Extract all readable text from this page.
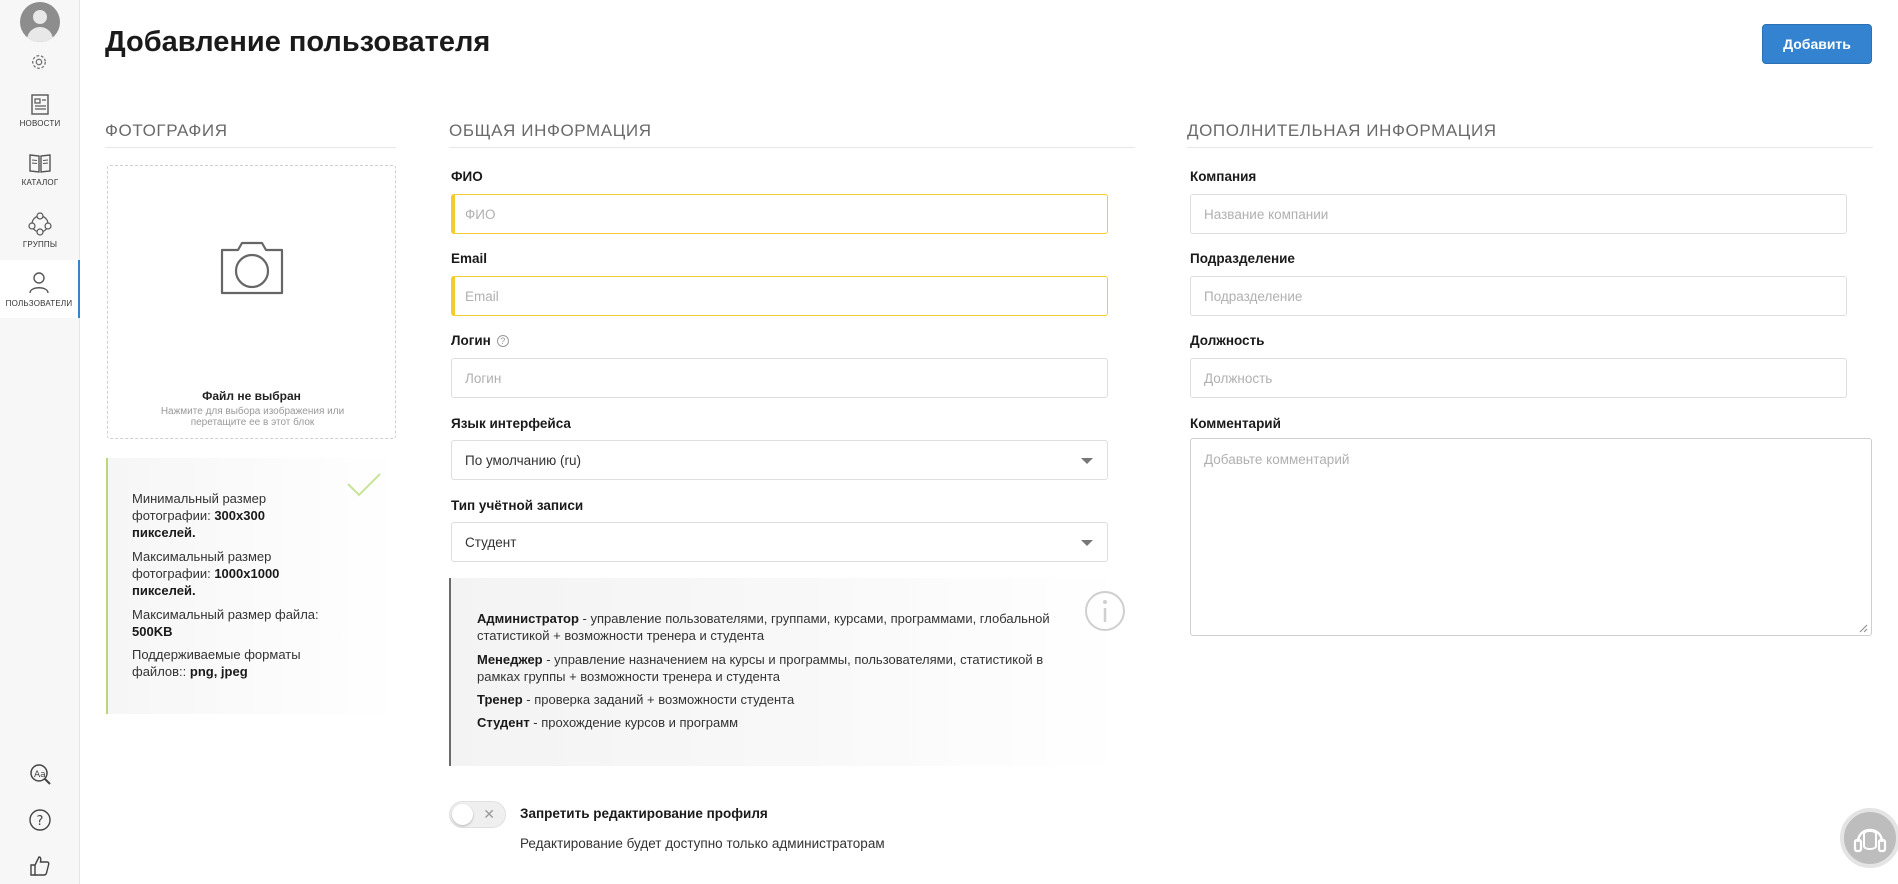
НОВОСТИ
КАТАЛОГ
ГРУППЫ
ПОЛЬЗОВАТЕЛИ
Aa
?
Добавление пользователя	Добавить
ФОТОГРАФИЯ
Файл не выбран
Нажмите для выбора изображения или перетащите ее в этот блок
Минимальный размер фотографии: 300x300 пикселей.
Максимальный размер фотографии: 1000x1000 пикселей.
Максимальный размер файла: 500KB
Поддерживаемые форматы файлов:: png, jpeg
ОБЩАЯ ИНФОРМАЦИЯ
ФИО
ФИО
Email
Email
Логин ?
Логин
Язык интерфейса
По умолчанию (ru)
Тип учётной записи
Студент
Администратор - управление пользователями, группами, курсами, программами, глобальной статистикой + возможности тренера и студента
Менеджер - управление назначением на курсы и программы, пользователями, статистикой в рамках группы + возможности тренера и студента
Тренер - проверка заданий + возможности студента
Студент - прохождение курсов и программ
✕ Запретить редактирование профиля
Редактирование будет доступно только администраторам
ДОПОЛНИТЕЛЬНАЯ ИНФОРМАЦИЯ
Компания
Название компании
Подразделение
Подразделение
Должность
Должность
Комментарий
Добавьте комментарий
